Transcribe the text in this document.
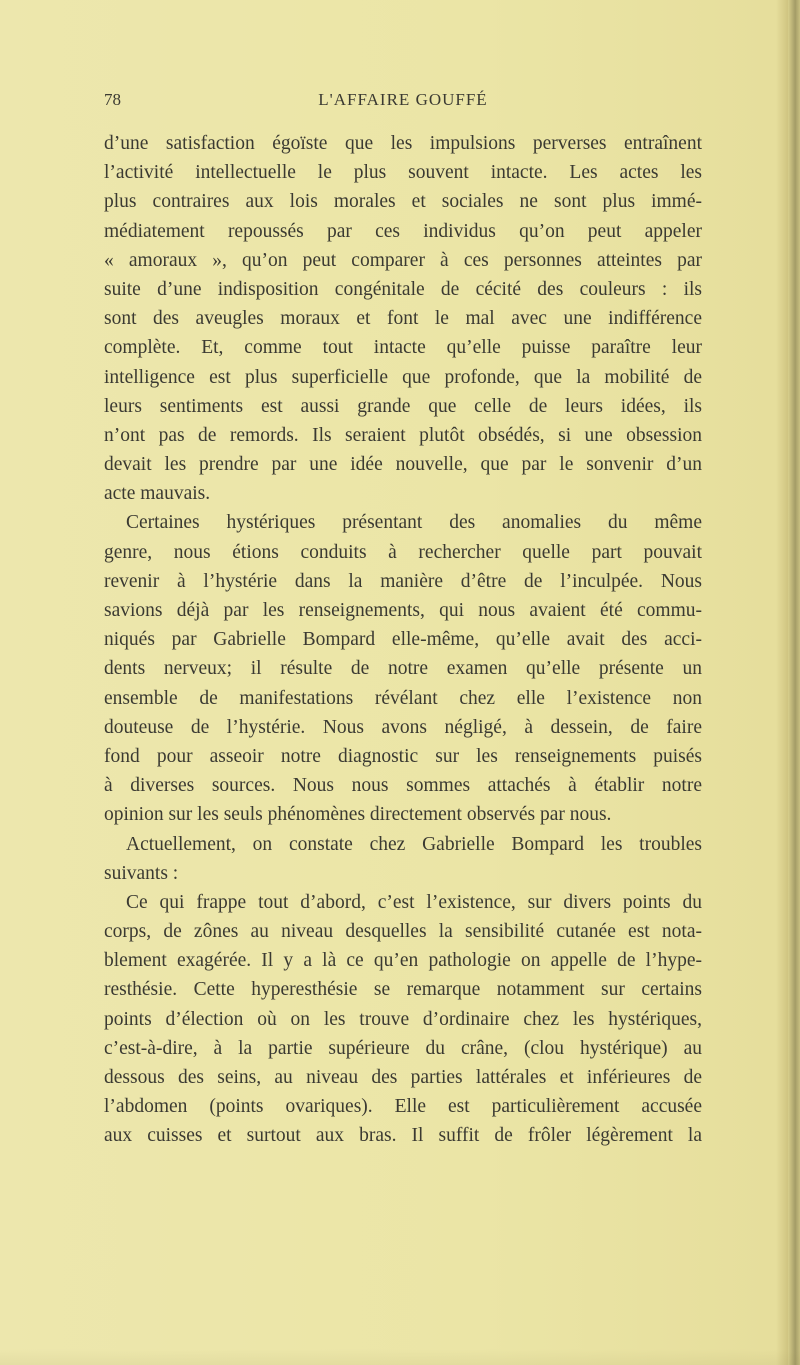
78	L'AFFAIRE GOUFFÉ
d’une satisfaction égoïste que les impulsions perverses entraînent
l’activité intellectuelle le plus souvent intacte. Les actes les
plus contraires aux lois morales et sociales ne sont plus immé-
médiatement repoussés par ces individus qu’on peut appeler
« amoraux », qu’on peut comparer à ces personnes atteintes par
suite d’une indisposition congénitale de cécité des couleurs : ils
sont des aveugles moraux et font le mal avec une indifférence
complète. Et, comme tout intacte qu’elle puisse paraître leur
intelligence est plus superficielle que profonde, que la mobilité de
leurs sentiments est aussi grande que celle de leurs idées, ils
n’ont pas de remords. Ils seraient plutôt obsédés, si une obsession
devait les prendre par une idée nouvelle, que par le sonvenir d’un
acte mauvais.
Certaines hystériques présentant des anomalies du même
genre, nous étions conduits à rechercher quelle part pouvait
revenir à l’hystérie dans la manière d’être de l’inculpée. Nous
savions déjà par les renseignements, qui nous avaient été commu-
niqués par Gabrielle Bompard elle-même, qu’elle avait des acci-
dents nerveux; il résulte de notre examen qu’elle présente un
ensemble de manifestations révélant chez elle l’existence non
douteuse de l’hystérie. Nous avons négligé, à dessein, de faire
fond pour asseoir notre diagnostic sur les renseignements puisés
à diverses sources. Nous nous sommes attachés à établir notre
opinion sur les seuls phénomènes directement observés par nous.
Actuellement, on constate chez Gabrielle Bompard les troubles
suivants :
Ce qui frappe tout d’abord, c’est l’existence, sur divers points du
corps, de zônes au niveau desquelles la sensibilité cutanée est nota-
blement exagérée. Il y a là ce qu’en pathologie on appelle de l’hype-
resthésie. Cette hyperesthésie se remarque notamment sur certains
points d’élection où on les trouve d’ordinaire chez les hystériques,
c’est-à-dire, à la partie supérieure du crâne, (clou hystérique) au
dessous des seins, au niveau des parties lattérales et inférieures de
l’abdomen (points ovariques). Elle est particulièrement accusée
aux cuisses et surtout aux bras. Il suffit de frôler légèrement la
